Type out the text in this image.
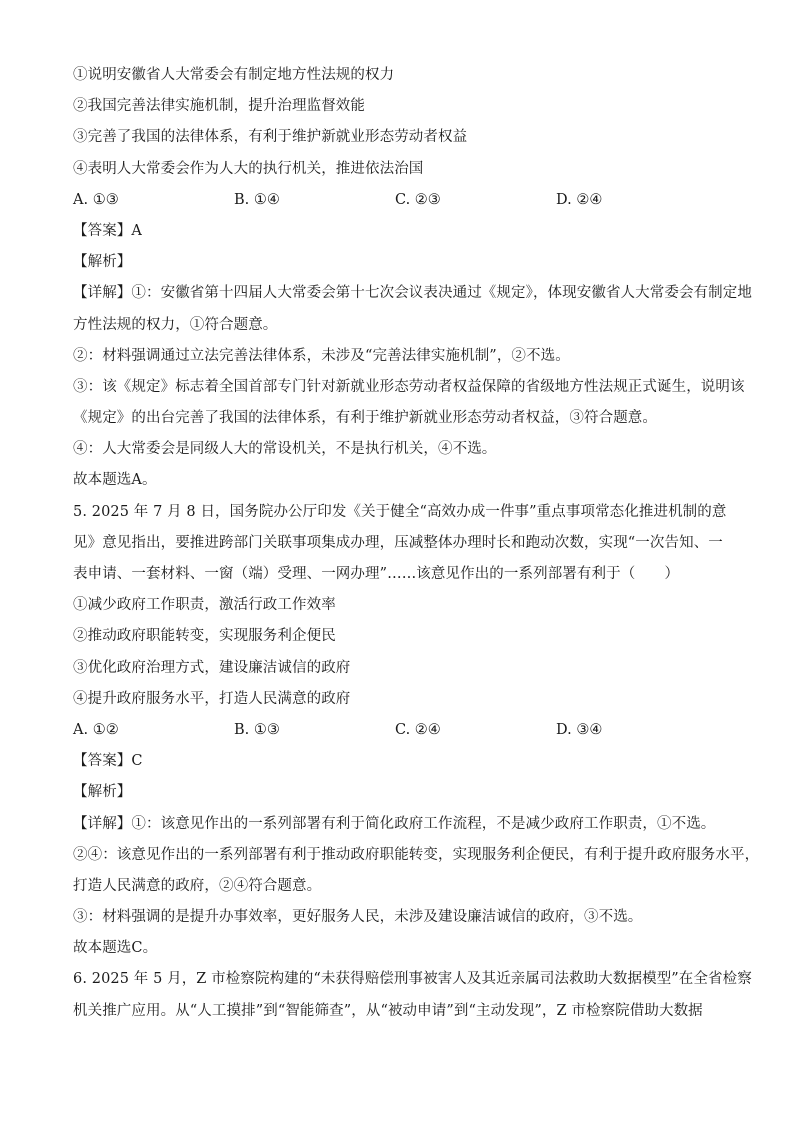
①说明安徽省人大常委会有制定地方性法规的权力
②我国完善法律实施机制，提升治理监督效能
③完善了我国的法律体系，有利于维护新就业形态劳动者权益
④表明人大常委会作为人大的执行机关，推进依法治国
A. ①③	B. ①④	C. ②③	D. ②④
【答案】A
【解析】
【详解】①：安徽省第十四届人大常委会第十七次会议表决通过《规定》，体现安徽省人大常委会有制定地
方性法规的权力，①符合题意。
②：材料强调通过立法完善法律体系，未涉及“完善法律实施机制”，②不选。
③：该《规定》标志着全国首部专门针对新就业形态劳动者权益保障的省级地方性法规正式诞生，说明该
《规定》的出台完善了我国的法律体系，有利于维护新就业形态劳动者权益，③符合题意。
④：人大常委会是同级人大的常设机关，不是执行机关，④不选。
故本题选A。
5. 2025 年 7 月 8 日，国务院办公厅印发《关于健全“高效办成一件事”重点事项常态化推进机制的意
见》意见指出，要推进跨部门关联事项集成办理，压减整体办理时长和跑动次数，实现“一次告知、一
表申请、一套材料、一窗（端）受理、一网办理”……该意见作出的一系列部署有利于（　　）
①减少政府工作职责，激活行政工作效率
②推动政府职能转变，实现服务利企便民
③优化政府治理方式，建设廉洁诚信的政府
④提升政府服务水平，打造人民满意的政府
A. ①②	B. ①③	C. ②④	D. ③④
【答案】C
【解析】
【详解】①：该意见作出的一系列部署有利于简化政府工作流程，不是减少政府工作职责，①不选。
②④：该意见作出的一系列部署有利于推动政府职能转变，实现服务利企便民，有利于提升政府服务水平，
打造人民满意的政府，②④符合题意。
③：材料强调的是提升办事效率，更好服务人民，未涉及建设廉洁诚信的政府，③不选。
故本题选C。
6. 2025 年 5 月，Z 市检察院构建的“未获得赔偿刑事被害人及其近亲属司法救助大数据模型”在全省检察
机关推广应用。从“人工摸排”到“智能筛查”，从“被动申请”到“主动发现”，Z 市检察院借助大数据
